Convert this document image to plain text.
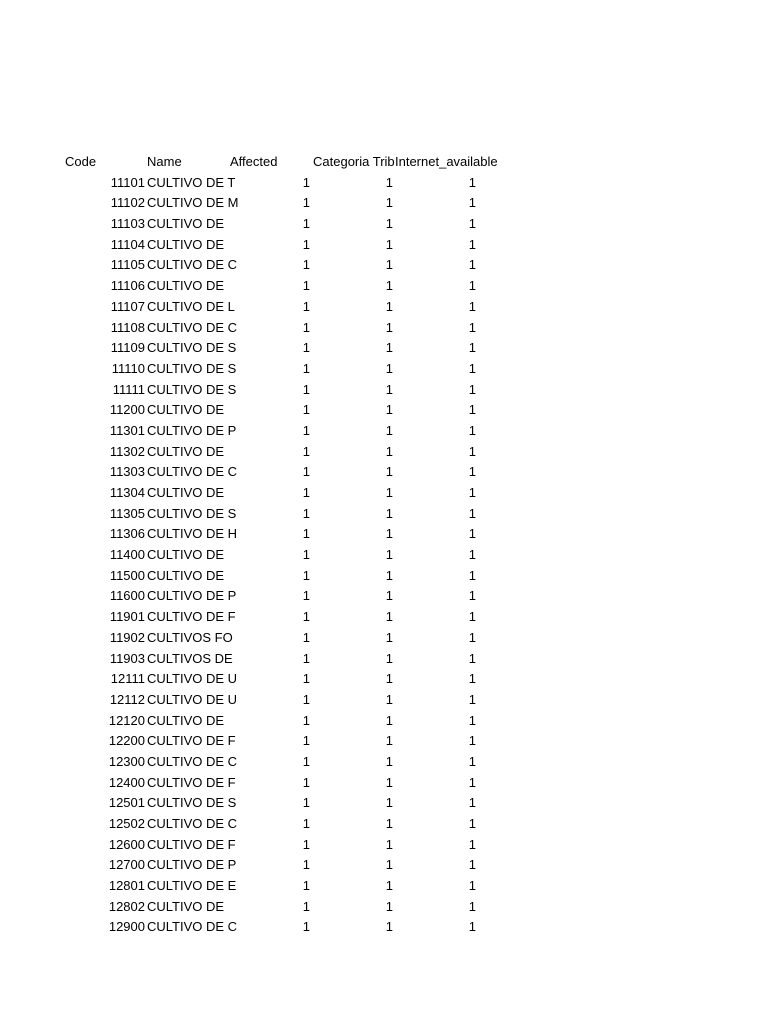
Code	Name	Affected	Categoria Trib Internet_available
11101 CULTIVO DE T	1	1	1
11102 CULTIVO DE M	1	1	1
11103 CULTIVO DE	1	1	1
11104 CULTIVO DE	1	1	1
11105 CULTIVO DE C	1	1	1
11106 CULTIVO DE	1	1	1
11107 CULTIVO DE L	1	1	1
11108 CULTIVO DE C	1	1	1
11109 CULTIVO DE S	1	1	1
11110 CULTIVO DE S	1	1	1
11111 CULTIVO DE S	1	1	1
11200 CULTIVO DE	1	1	1
11301 CULTIVO DE P	1	1	1
11302 CULTIVO DE	1	1	1
11303 CULTIVO DE C	1	1	1
11304 CULTIVO DE	1	1	1
11305 CULTIVO DE S	1	1	1
11306 CULTIVO DE H	1	1	1
11400 CULTIVO DE	1	1	1
11500 CULTIVO DE	1	1	1
11600 CULTIVO DE P	1	1	1
11901 CULTIVO DE F	1	1	1
11902 CULTIVOS FO	1	1	1
11903 CULTIVOS DE	1	1	1
12111 CULTIVO DE U	1	1	1
12112 CULTIVO DE U	1	1	1
12120 CULTIVO DE	1	1	1
12200 CULTIVO DE F	1	1	1
12300 CULTIVO DE C	1	1	1
12400 CULTIVO DE F	1	1	1
12501 CULTIVO DE S	1	1	1
12502 CULTIVO DE C	1	1	1
12600 CULTIVO DE F	1	1	1
12700 CULTIVO DE P	1	1	1
12801 CULTIVO DE E	1	1	1
12802 CULTIVO DE	1	1	1
12900 CULTIVO DE C	1	1	1
